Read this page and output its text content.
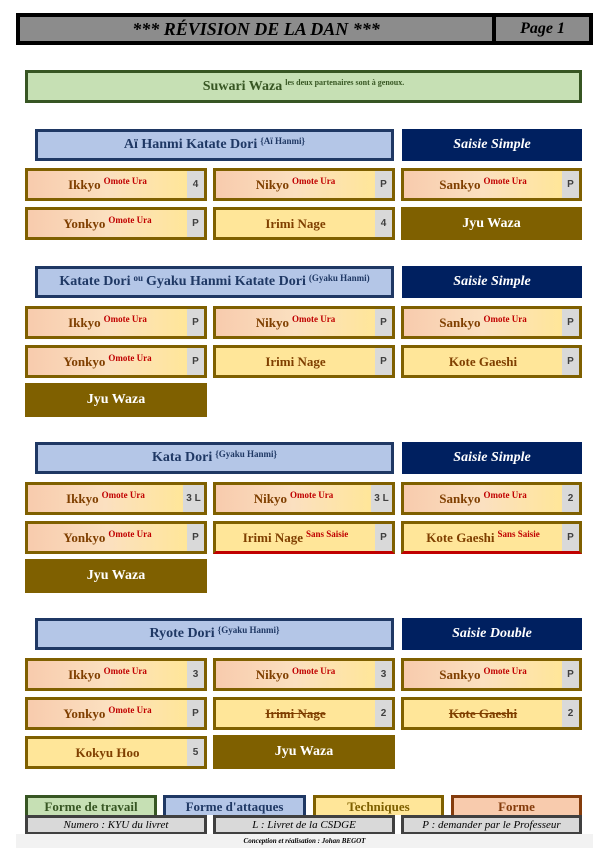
*** RÉVISION DE LA DAN ***	Page 1
Suwari Waza les deux partenaires sont à genoux.
Aï Hanmi Katate Dori {Aï Hanmi}	Saisie Simple
Ikkyo Omote Ura	4	Nikyo Omote Ura	P	Sankyo Omote Ura	P
Yonkyo Omote Ura	P	Irimi Nage	4	Jyu Waza
Katate Dori ou Gyaku Hanmi Katate Dori (Gyaku Hanmi)	Saisie Simple
Ikkyo Omote Ura	P	Nikyo Omote Ura	P	Sankyo Omote Ura	P
Yonkyo Omote Ura	P	Irimi Nage	P	Kote Gaeshi	P
Jyu Waza
Kata Dori {Gyaku Hanmi}	Saisie Simple
Ikkyo Omote Ura	3 L	Nikyo Omote Ura	3 L	Sankyo Omote Ura	2
Yonkyo Omote Ura	P	Irimi Nage Sans Saisie	P	Kote Gaeshi Sans Saisie	P
Jyu Waza
Ryote Dori {Gyaku Hanmi}	Saisie Double
Ikkyo Omote Ura	3	Nikyo Omote Ura	3	Sankyo Omote Ura	P
Yonkyo Omote Ura	P	Irimi Nage	2	Kote Gaeshi	2
Kokyu Hoo	5	Jyu Waza
Forme de travail	Forme d'attaques	Techniques	Forme
Numero : KYU du livret	L : Livret de la CSDGE	P : demander par le Professeur
Conception et réalisation : Johan BEGOT
